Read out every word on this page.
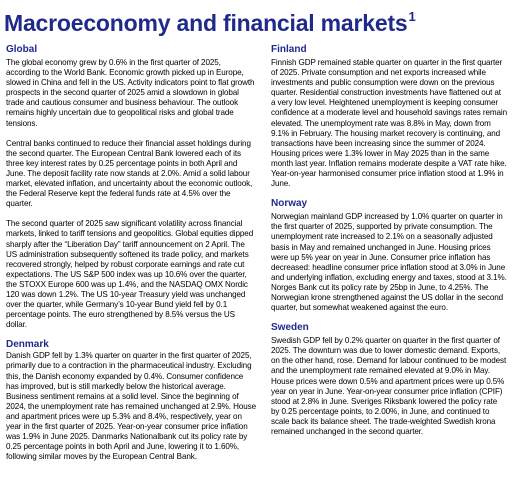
Macroeconomy and financial markets$^1$
Global

The global economy grew by 0.6% in the first quarter of 2025, according to the World Bank. Economic growth picked up in Europe, slowed in China and fell in the US. Activity indicators point to flat growth prospects in the second quarter of 2025 amid a slowdown in global trade and cautious consumer and business behaviour. The outlook remains highly uncertain due to geopolitical risks and global trade tensions.

Central banks continued to reduce their financial asset holdings during the second quarter. The European Central Bank lowered each of its three key interest rates by 0.25 percentage points in both April and June. The deposit facility rate now stands at 2.0%. Amid a solid labour market, elevated inflation, and uncertainty about the economic outlook, the Federal Reserve kept the federal funds rate at 4.5% over the quarter.

The second quarter of 2025 saw significant volatility across financial markets, linked to tariff tensions and geopolitics. Global equities dipped sharply after the “Liberation Day” tariff announcement on 2 April. The US administration subsequently softened its trade policy, and markets recovered strongly, helped by robust corporate earnings and rate cut expectations. The US S&P 500 index was up 10.6% over the quarter, the STOXX Europe 600 was up 1.4%, and the NASDAQ OMX Nordic 120 was down 1.2%. The US 10-year Treasury yield was unchanged over the quarter, while Germany’s 10-year Bund yield fell by 0.1 percentage points. The euro strengthened by 8.5% versus the US dollar.

Denmark

Danish GDP fell by 1.3% quarter on quarter in the first quarter of 2025, primarily due to a contraction in the pharmaceutical industry. Excluding this, the Danish economy expanded by 0.4%. Consumer confidence has improved, but is still markedly below the historical average. Business sentiment remains at a solid level. Since the beginning of 2024, the unemployment rate has remained unchanged at 2.9%. House and apartment prices were up 5.3% and 8.4%, respectively, year on year in the first quarter of 2025. Year-on-year consumer price inflation was 1.9% in June 2025. Danmarks Nationalbank cut its policy rate by 0.25 percentage points in both April and June, lowering it to 1.60%, following similar moves by the European Central Bank.

Finland

Finnish GDP remained stable quarter on quarter in the first quarter of 2025. Private consumption and net exports increased while investments and public consumption were down on the previous quarter. Residential construction investments have flattened out at a very low level. Heightened unemployment is keeping consumer confidence at a moderate level and household savings rates remain elevated. The unemployment rate was 8.8% in May, down from 9.1% in February. The housing market recovery is continuing, and transactions have been increasing since the summer of 2024. Housing prices were 1.3% lower in May 2025 than in the same month last year. Inflation remains moderate despite a VAT rate hike. Year-on-year harmonised consumer price inflation stood at 1.9% in June.

Norway

Norwegian mainland GDP increased by 1.0% quarter on quarter in the first quarter of 2025, supported by private consumption. The unemployment rate increased to 2.1% on a seasonally adjusted basis in May and remained unchanged in June. Housing prices were up 5% year on year in June. Consumer price inflation has decreased: headline consumer price inflation stood at 3.0% in June and underlying inflation, excluding energy and taxes, stood at 3.1%. Norges Bank cut its policy rate by 25bp in June, to 4.25%. The Norwegian krone strengthened against the US dollar in the second quarter, but somewhat weakened against the euro.

Sweden

Swedish GDP fell by 0.2% quarter on quarter in the first quarter of 2025. The downturn was due to lower domestic demand. Exports, on the other hand, rose. Demand for labour continued to be modest and the unemployment rate remained elevated at 9.0% in May. House prices were down 0.5% and apartment prices were up 0.5% year on year in June. Year-on-year consumer price inflation (CPIF) stood at 2.8% in June. Sveriges Riksbank lowered the policy rate by 0.25 percentage points, to 2.00%, in June, and continued to scale back its balance sheet. The trade-weighted Swedish krona remained unchanged in the second quarter.
